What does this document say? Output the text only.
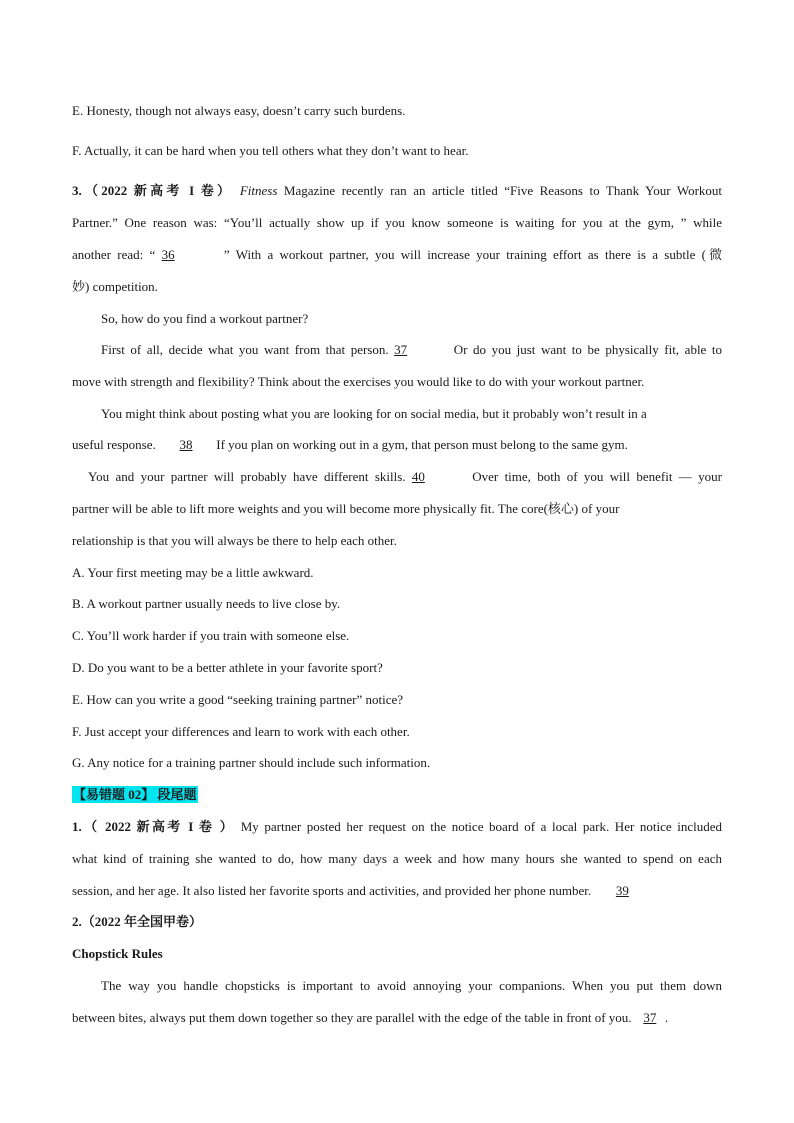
E. Honesty, though not always easy, doesn’t carry such burdens.
F. Actually, it can be hard when you tell others what they don’t want to hear.
3.（2022 新高考 I 卷） Fitness Magazine recently ran an article titled “Five Reasons to Thank Your Workout
Partner.” One reason was: “You’ll actually show up if you know someone is waiting for you at the gym, ” while
another read: “ 36	” With a workout partner, you will increase your training effort as there is a subtle (微
妙) competition.
So, how do you find a workout partner?
First of all, decide what you want from that person. 37	Or do you just want to be physically fit, able to
move with strength and flexibility? Think about the exercises you would like to do with your workout partner.
You might think about posting what you are looking for on social media, but it probably won’t result in a
useful response. 38 If you plan on working out in a gym, that person must belong to the same gym.
You and your partner will probably have different skills. 40	Over time, both of you will benefit — your
partner will be able to lift more weights and you will become more physically fit. The core(核心) of your
relationship is that you will always be there to help each other.
A. Your first meeting may be a little awkward.
B. A workout partner usually needs to live close by.
C. You’ll work harder if you train with someone else.
D. Do you want to be a better athlete in your favorite sport?
E. How can you write a good “seeking training partner” notice?
F. Just accept your differences and learn to work with each other.
G. Any notice for a training partner should include such information.
【易错题 02】 段尾题
1.（ 2022 新高考 I 卷 ） My partner posted her request on the notice board of a local park. Her notice included
what kind of training she wanted to do, how many days a week and how many hours she wanted to spend on each
session, and her age. It also listed her favorite sports and activities, and provided her phone number. 39
2.（2022 年全国甲卷）
Chopstick Rules
The way you handle chopsticks is important to avoid annoying your companions. When you put them down
between bites, always put them down together so they are parallel with the edge of the table in front of you. 37 .
